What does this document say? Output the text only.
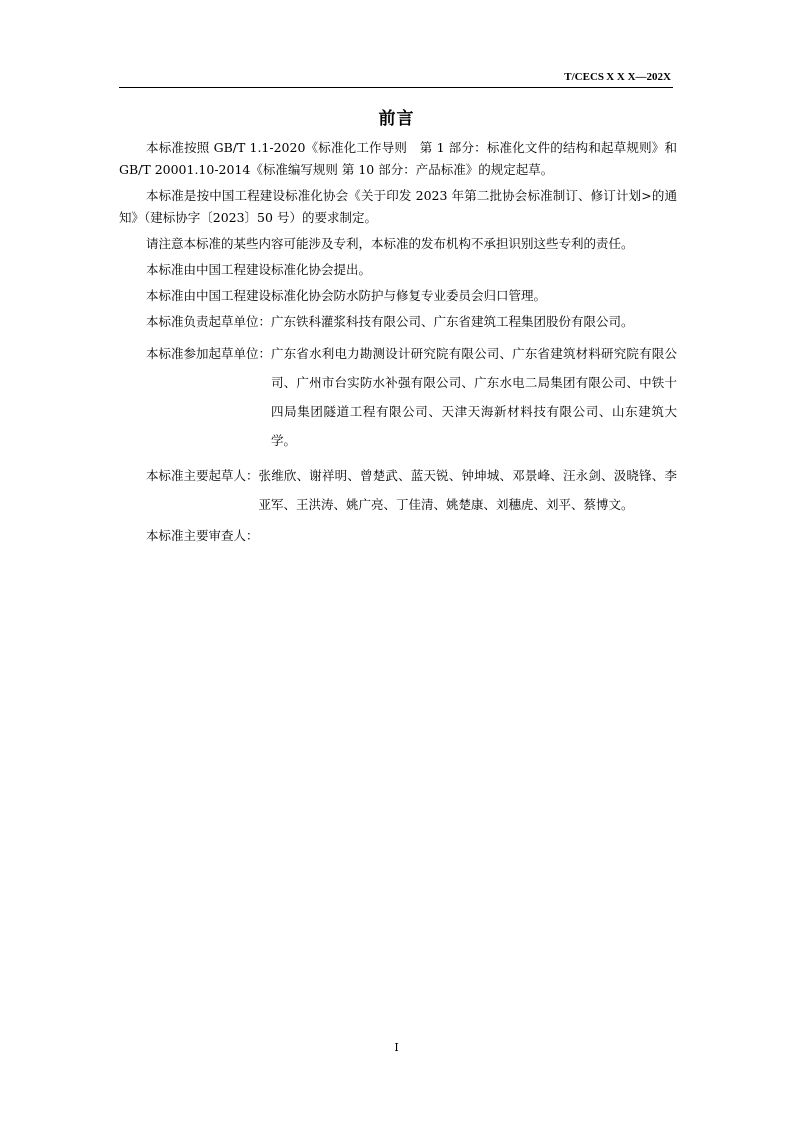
T/CECS X X X—202X
前言

本标准按照 GB/T 1.1-2020《标准化工作导则　第 1 部分：标准化文件的结构和起草规则》和 GB/T 20001.10-2014《标准编写规则 第 10 部分：产品标准》的规定起草。

本标准是按中国工程建设标准化协会《关于印发 2023 年第二批协会标准制订、修订计划>的通知》（建标协字〔2023〕50 号）的要求制定。

请注意本标准的某些内容可能涉及专利，本标准的发布机构不承担识别这些专利的责任。

本标准由中国工程建设标准化协会提出。

本标准由中国工程建设标准化协会防水防护与修复专业委员会归口管理。

本标准负责起草单位：广东铁科灌浆科技有限公司、广东省建筑工程集团股份有限公司。

本标准参加起草单位： 广东省水利电力勘测设计研究院有限公司、广东省建筑材料研究院有限公司、广州市台实防水补强有限公司、广东水电二局集团有限公司、中铁十四局集团隧道工程有限公司、天津天海新材料技有限公司、山东建筑大学。
本标准主要起草人： 张维欣、谢祥明、曾楚武、蓝天锐、钟坤城、邓景峰、汪永剑、汲晓锋、李亚军、王洪涛、姚广亮、丁佳清、姚楚康、刘穗虎、刘平、蔡博文。
本标准主要审查人：
I
